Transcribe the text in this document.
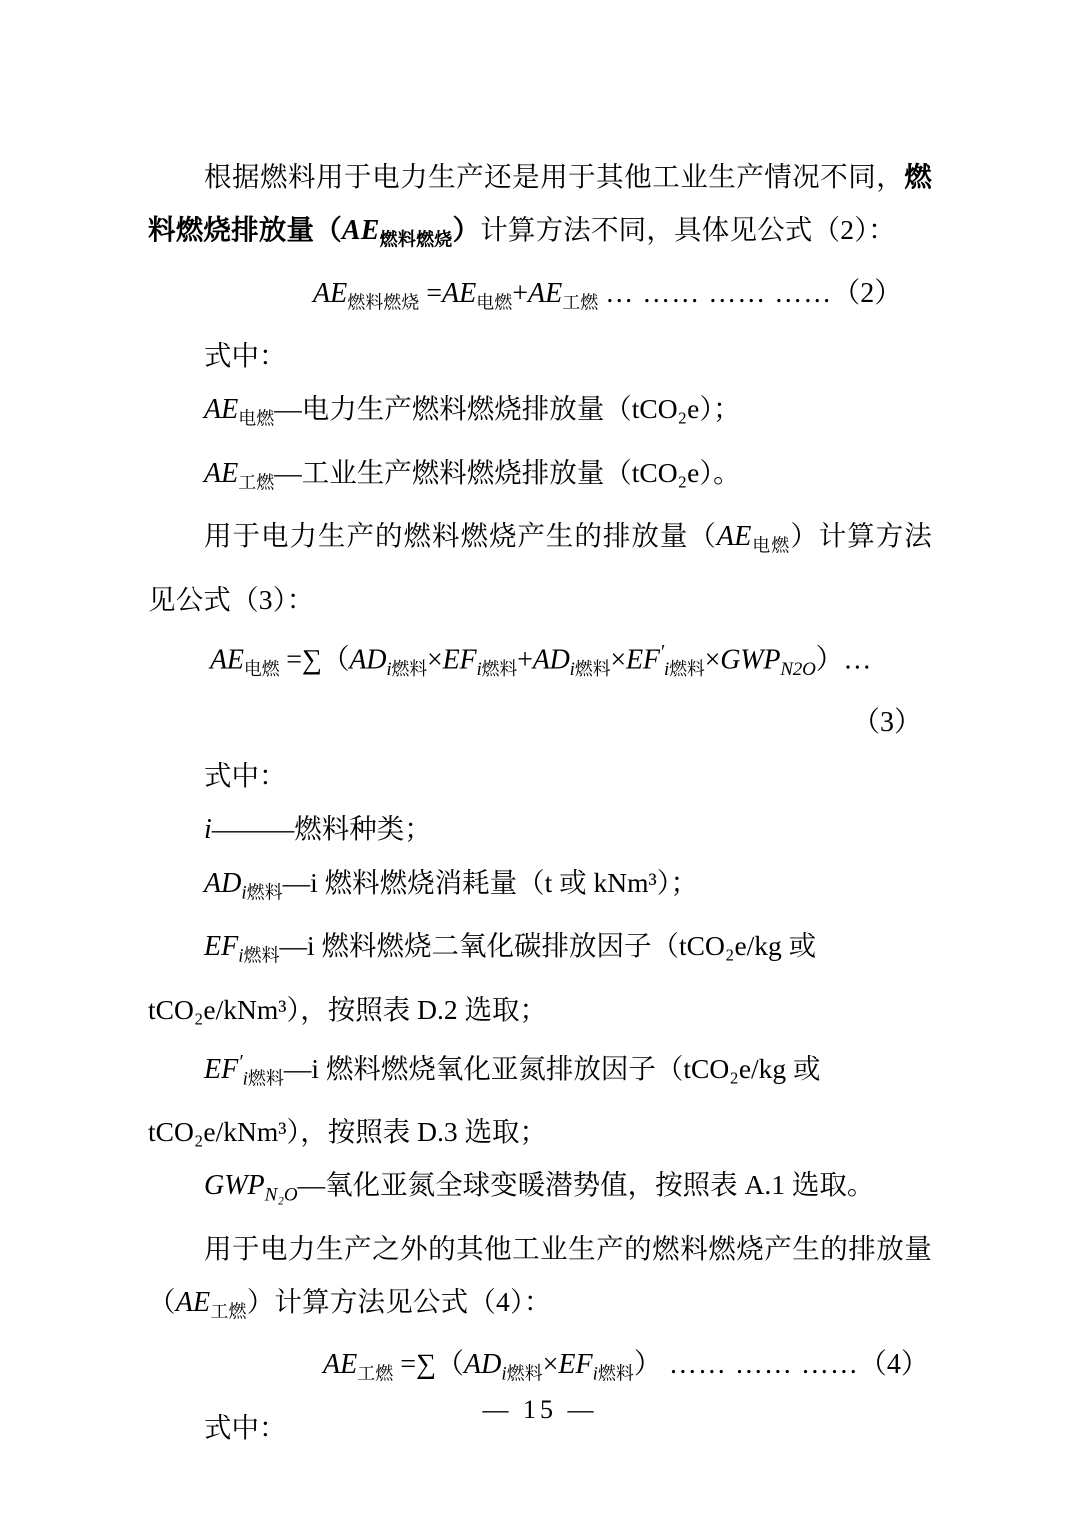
根据燃料用于电力生产还是用于其他工业生产情况不同，燃料燃烧排放量$(AE_{燃料燃烧})$计算方法不同，具体见公式（2）：

$AE_{燃料燃烧} =AE_{电燃}+AE_{工燃}$ … …… …… ……（2）

式中：

$AE_{电燃}—$电力生产燃料燃烧排放量（tCO₂e）；

$AE_{工燃}—$工业生产燃料燃烧排放量（tCO₂e）。

用于电力生产的燃料燃烧产生的排放量$(AE_{电燃})$计算方法见公式（3）：

$AE_{电燃}$ $=\sum(AD_{i燃料}\times EF_{i燃料}+AD_{i燃料}\times EF'_{i燃料}\times GWP_{N2O})\dots$

（3）

式中：

i———燃料种类；

$AD_{i燃料}—i$ 燃料燃烧消耗量（t 或 kNm³）；

$EF_{i燃料}—i$ 燃料燃烧二氧化碳排放因子（tCO₂e/kg 或

tCO₂e/kNm³），按照表 D.2 选取；

$EF'_{i燃料}—i$ 燃料燃烧氧化亚氮排放因子（tCO₂e/kg 或

tCO₂e/kNm³），按照表 D.3 选取；

$GWP_{N_2O}—$氧化亚氮全球变暖潜势值，按照表 A.1 选取。

用于电力生产之外的其他工业生产的燃料燃烧产生的排放量$(AE_{工燃})$计算方法见公式（4）：

$AE_{工燃} =\sum(AD_{i燃料}\times EF_{i燃料})$ …… …… ……（4）

式中：

— 15 —
